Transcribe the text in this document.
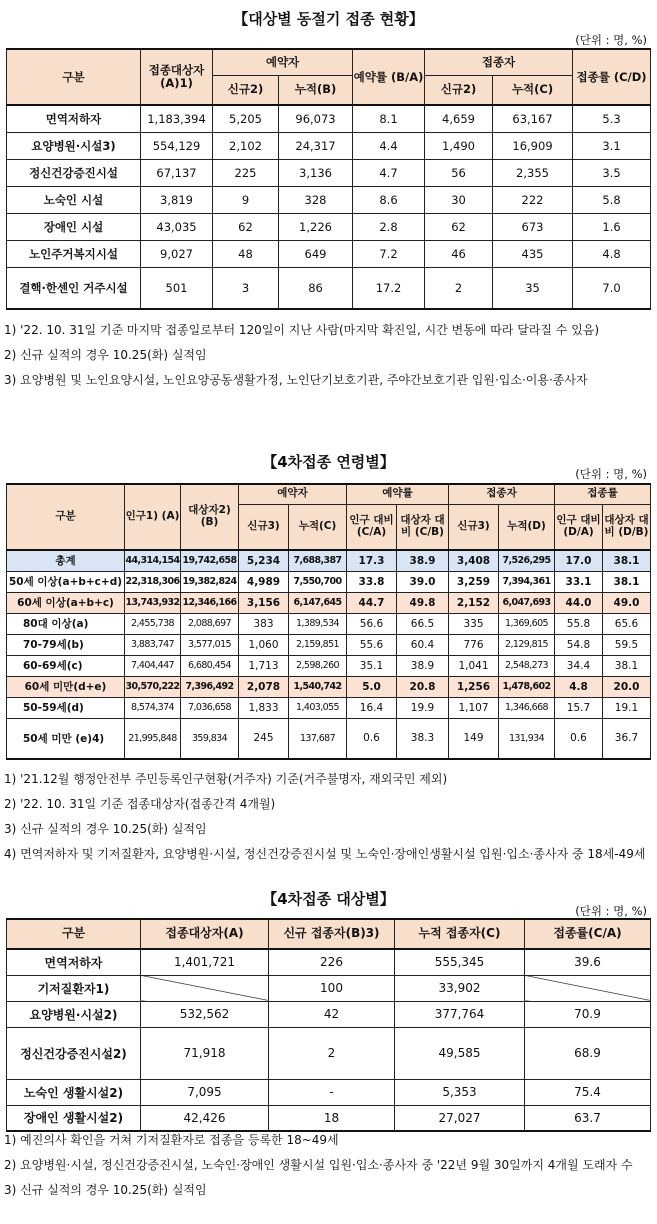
【대상별 동절기 접종 현황】
(단위 : 명, %)
구분	접종대상자 (A)1)	예약자		예약률 (B/A)	접종자		접종률 (C/D)
		신규2)	누적(B)		신규2)	누적(C)	
면역저하자	1,183,394	5,205	96,073	8.1	4,659	63,167	5.3
요양병원·시설3)	554,129	2,102	24,317	4.4	1,490	16,909	3.1
정신건강증진시설	67,137	225	3,136	4.7	56	2,355	3.5
노숙인 시설	3,819	9	328	8.6	30	222	5.8
장애인 시설	43,035	62	1,226	2.8	62	673	1.6
노인주거복지시설	9,027	48	649	7.2	46	435	4.8
결핵·한센인 거주시설	501	3	86	17.2	2	35	7.0

1) '22. 10. 31일 기준 마지막 접종일로부터 120일이 지난 사람(마지막 확진일, 시간 변동에 따라 달라질 수 있음)

2) 신규 실적의 경우 10.25(화) 실적임

3) 요양병원 및 노인요양시설, 노인요양공동생활가정, 노인단기보호기관, 주야간보호기관 입원·입소·이용·종사자

【4차접종 연령별】
(단위 : 명, %)
구분	인구1) (A)	대상자2) (B)	예약자		예약률		접종자		접종률	
			신규3)	누적(C)	인구 대비 (C/A)	대상자 대비 (C/B)	신규3)	누적(D)	인구 대비 (D/A)	대상자 대비 (D/B)
총계	44,314,154	19,742,658	5,234	7,688,387	17.3	38.9	3,408	7,526,295	17.0	38.1
50세 이상(a+b+c+d)	22,318,306	19,382,824	4,989	7,550,700	33.8	39.0	3,259	7,394,361	33.1	38.1
60세 이상(a+b+c)	13,743,932	12,346,166	3,156	6,147,645	44.7	49.8	2,152	6,047,693	44.0	49.0
80대 이상(a)	2,455,738	2,088,697	383	1,389,534	56.6	66.5	335	1,369,605	55.8	65.6
70-79세(b)	3,883,747	3,577,015	1,060	2,159,851	55.6	60.4	776	2,129,815	54.8	59.5
60-69세(c)	7,404,447	6,680,454	1,713	2,598,260	35.1	38.9	1,041	2,548,273	34.4	38.1
60세 미만(d+e)	30,570,222	7,396,492	2,078	1,540,742	5.0	20.8	1,256	1,478,602	4.8	20.0
50-59세(d)	8,574,374	7,036,658	1,833	1,403,055	16.4	19.9	1,107	1,346,668	15.7	19.1
50세 미만 (e)4)	21,995,848	359,834	245	137,687	0.6	38.3	149	131,934	0.6	36.7

1) '21.12월 행정안전부 주민등록인구현황(거주자) 기준(거주불명자, 재외국민 제외)

2) '22. 10. 31일 기준 접종대상자(접종간격 4개월)

3) 신규 실적의 경우 10.25(화) 실적임

4) 면역저하자 및 기저질환자, 요양병원·시설, 정신건강증진시설 및 노숙인·장애인생활시설 입원·입소·종사자 중 18세-49세

【4차접종 대상별】
(단위 : 명, %)
구분	접종대상자(A)	신규 접종자(B)3)	누적 접종자(C)	접종률(C/A)
면역저하자	1,401,721	226	555,345	39.6
기저질환자1)		100	33,902	
요양병원·시설2)	532,562	42	377,764	70.9
정신건강증진시설2)	71,918	2	49,585	68.9
노숙인 생활시설2)	7,095	-	5,353	75.4
장애인 생활시설2)	42,426	18	27,027	63.7

1) 예진의사 확인을 거쳐 기저질환자로 접종을 등록한 18~49세

2) 요양병원·시설, 정신건강증진시설, 노숙인·장애인 생활시설 입원·입소·종사자 중 '22년 9월 30일까지 4개월 도래자 수

3) 신규 실적의 경우 10.25(화) 실적임
